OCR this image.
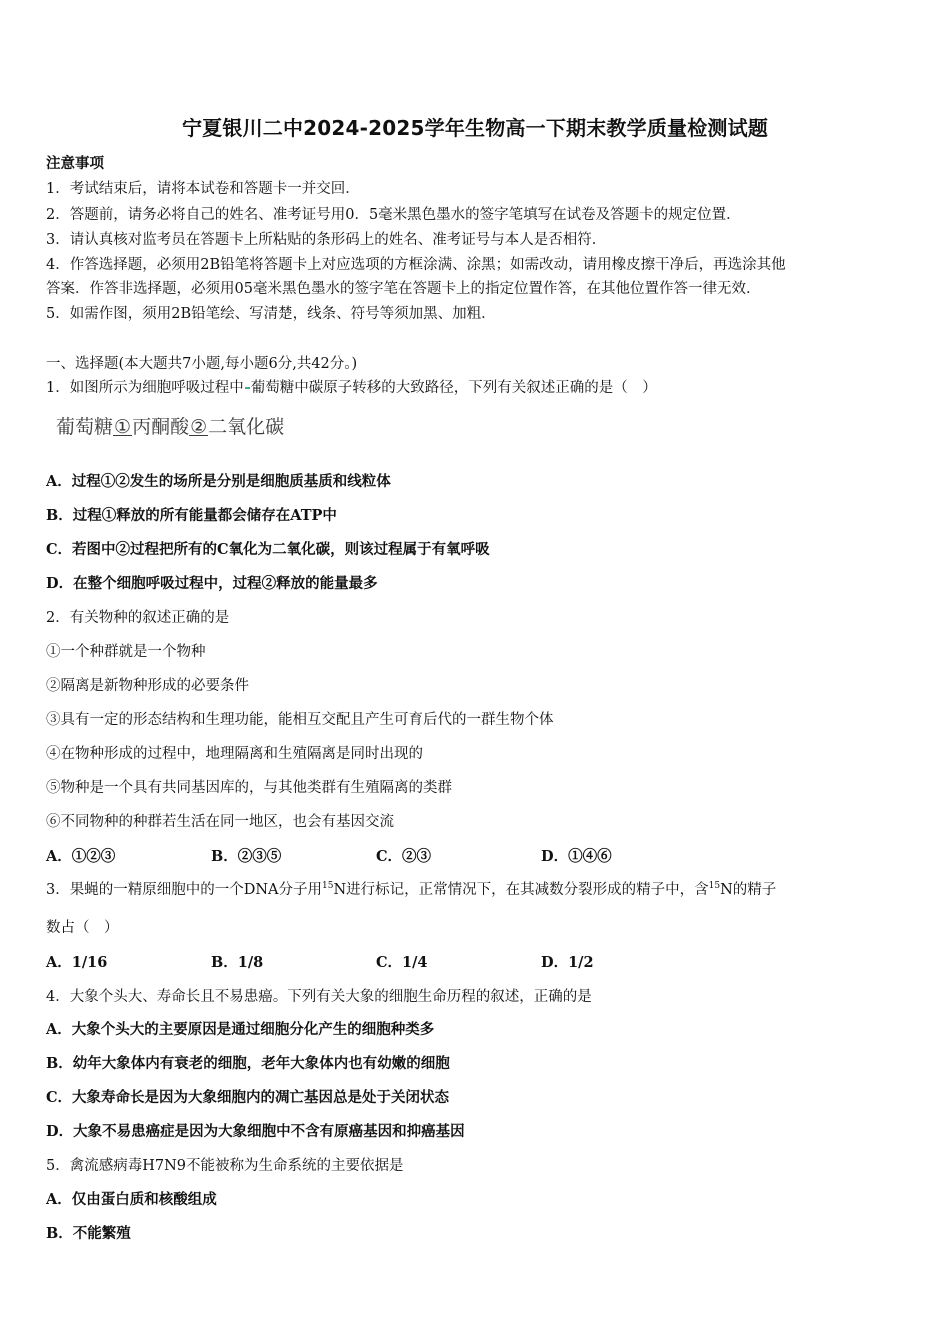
宁夏银川二中2024-2025学年生物高一下期末教学质量检测试题
注意事项
1．考试结束后，请将本试卷和答题卡一并交回．
2．答题前，请务必将自己的姓名、准考证号用0．5毫米黑色墨水的签字笔填写在试卷及答题卡的规定位置．
3．请认真核对监考员在答题卡上所粘贴的条形码上的姓名、准考证号与本人是否相符．
4．作答选择题，必须用2B铅笔将答题卡上对应选项的方框涂满、涂黑；如需改动，请用橡皮擦干净后，再选涂其他
答案．作答非选择题，必须用05毫米黑色墨水的签字笔在答题卡上的指定位置作答，在其他位置作答一律无效．
5．如需作图，须用2B铅笔绘、写清楚，线条、符号等须加黑、加粗．
一、选择题(本大题共7小题,每小题6分,共42分。)
1．如图所示为细胞呼吸过程中 葡萄糖中碳原子转移的大致路径，下列有关叙述正确的是（　）
葡萄糖①丙酮酸②二氧化碳
A．过程①②发生的场所是分别是细胞质基质和线粒体
B．过程①释放的所有能量都会储存在ATP中
C．若图中②过程把所有的C氧化为二氧化碳，则该过程属于有氧呼吸
D．在整个细胞呼吸过程中，过程②释放的能量最多
2．有关物种的叙述正确的是
①一个种群就是一个物种
②隔离是新物种形成的必要条件
③具有一定的形态结构和生理功能，能相互交配且产生可育后代的一群生物个体
④在物种形成的过程中，地理隔离和生殖隔离是同时出现的
⑤物种是一个具有共同基因库的，与其他类群有生殖隔离的类群
⑥不同物种的种群若生活在同一地区，也会有基因交流
A．①②③	B．②③⑤	C．②③	D．①④⑥
3．果蝇的一精原细胞中的一个DNA分子用$^{15}$N进行标记，正常情况下，在其减数分裂形成的精子中，含$^{15}$N的精子
数占（　）
A．1/16	B．1/8	C．1/4	D．1/2
4．大象个头大、寿命长且不易患癌。下列有关大象的细胞生命历程的叙述，正确的是
A．大象个头大的主要原因是通过细胞分化产生的细胞种类多
B．幼年大象体内有衰老的细胞，老年大象体内也有幼嫩的细胞
C．大象寿命长是因为大象细胞内的凋亡基因总是处于关闭状态
D．大象不易患癌症是因为大象细胞中不含有原癌基因和抑癌基因
5．禽流感病毒H7N9不能被称为生命系统的主要依据是
A．仅由蛋白质和核酸组成
B．不能繁殖
